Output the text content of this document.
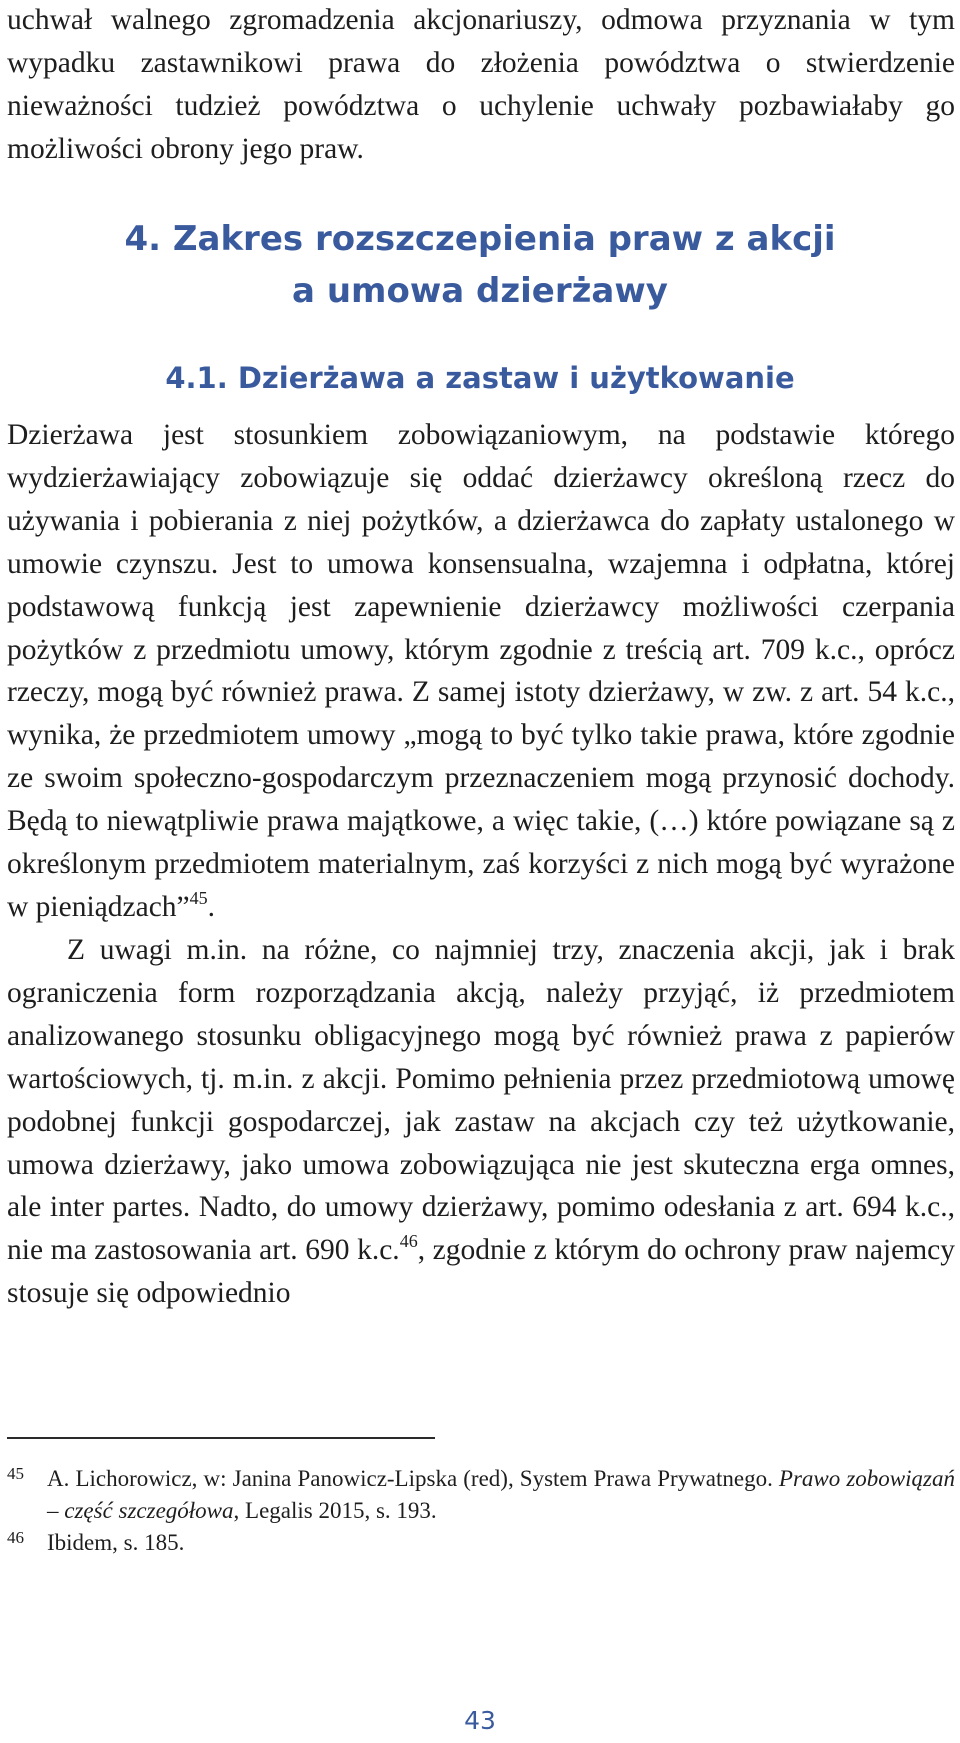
uchwał walnego zgromadzenia akcjonariuszy, odmowa przyznania w tym wypadku zastawnikowi prawa do złożenia powództwa o stwierdzenie nieważności tudzież powództwa o uchylenie uchwały pozbawiałaby go możliwości obrony jego praw.

4. Zakres rozszczepienia praw z akcji
a umowa dzierżawy
4.1. Dzierżawa a zastaw i użytkowanie

Dzierżawa jest stosunkiem zobowiązaniowym, na podstawie którego wydzierżawiający zobowiązuje się oddać dzierżawcy określoną rzecz do używania i pobierania z niej pożytków, a dzierżawca do zapłaty ustalonego w umowie czynszu. Jest to umowa konsensualna, wzajemna i odpłatna, której podstawową funkcją jest zapewnienie dzierżawcy możliwości czerpania pożytków z przedmiotu umowy, którym zgodnie z treścią art. 709 k.c., oprócz rzeczy, mogą być również prawa. Z samej istoty dzierżawy, w zw. z art. 54 k.c., wynika, że przedmiotem umowy „mogą to być tylko takie prawa, które zgodnie ze swoim społeczno-gospodarczym przeznaczeniem mogą przynosić dochody. Będą to niewątpliwie prawa majątkowe, a więc takie, (…) które powiązane są z określonym przedmiotem materialnym, zaś korzyści z nich mogą być wyrażone w pieniądzach”$^{45}$.

Z uwagi m.in. na różne, co najmniej trzy, znaczenia akcji, jak i brak ograniczenia form rozporządzania akcją, należy przyjąć, iż przedmiotem analizowanego stosunku obligacyjnego mogą być również prawa z papierów wartościowych, tj. m.in. z akcji. Pomimo pełnienia przez przedmiotową umowę podobnej funkcji gospodarczej, jak zastaw na akcjach czy też użytkowanie, umowa dzierżawy, jako umowa zobowiązująca nie jest skuteczna erga omnes, ale inter partes. Nadto, do umowy dzierżawy, pomimo odesłania z art. 694 k.c., nie ma zastosowania art. 690 k.c.$^{46}$, zgodnie z którym do ochrony praw najemcy stosuje się odpowiednio

45 A. Lichorowicz, w: Janina Panowicz-Lipska (red), System Prawa Prywatnego. Prawo zobowiązań – część szczegółowa, Legalis 2015, s. 193.
46 Ibidem, s. 185.
43
